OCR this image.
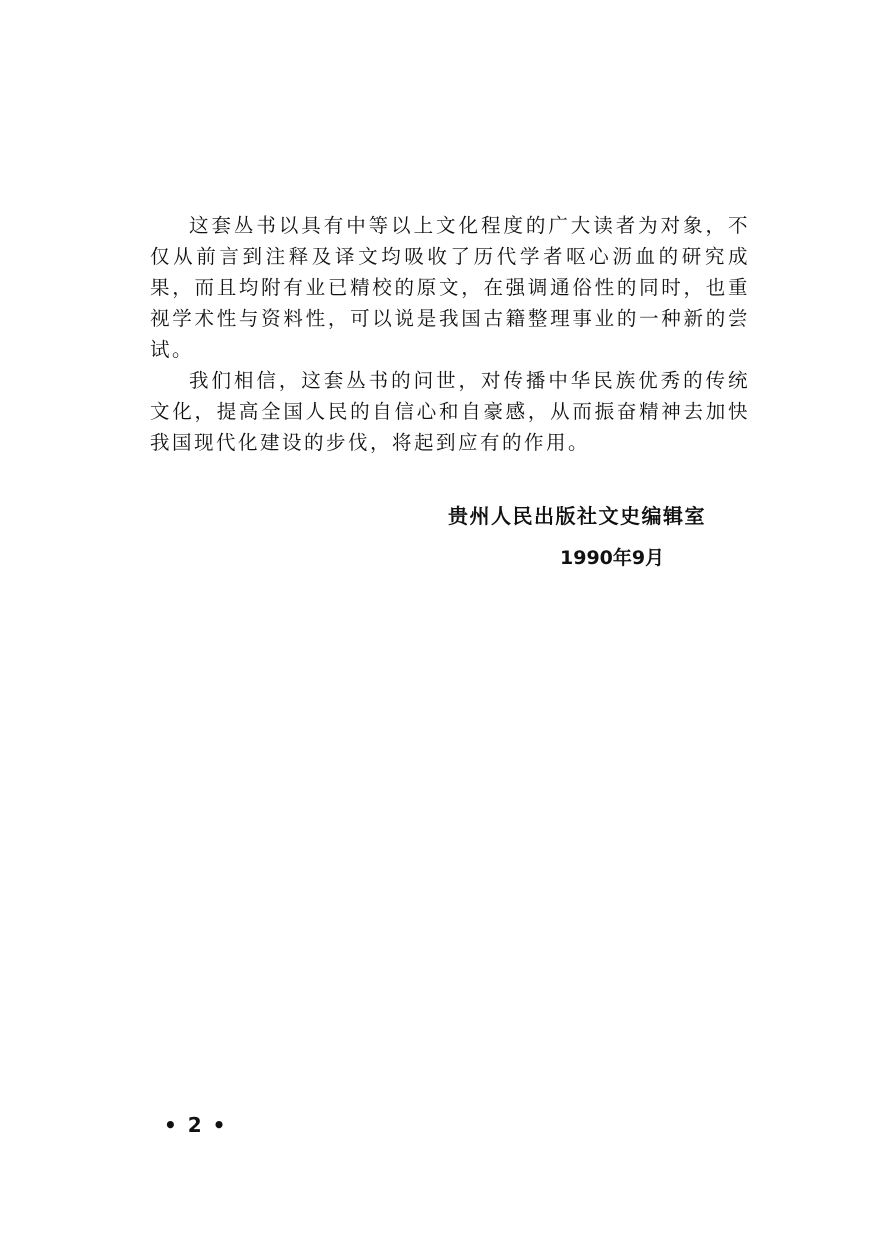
这套丛书以具有中等以上文化程度的广大读者为对象，不仅从前言到注释及译文均吸收了历代学者呕心沥血的研究成果，而且均附有业已精校的原文，在强调通俗性的同时，也重视学术性与资料性，可以说是我国古籍整理事业的一种新的尝试。

我们相信，这套丛书的问世，对传播中华民族优秀的传统文化，提高全国人民的自信心和自豪感，从而振奋精神去加快我国现代化建设的步伐，将起到应有的作用。

贵州人民出版社文史编辑室
1990年9月
• 2 •
